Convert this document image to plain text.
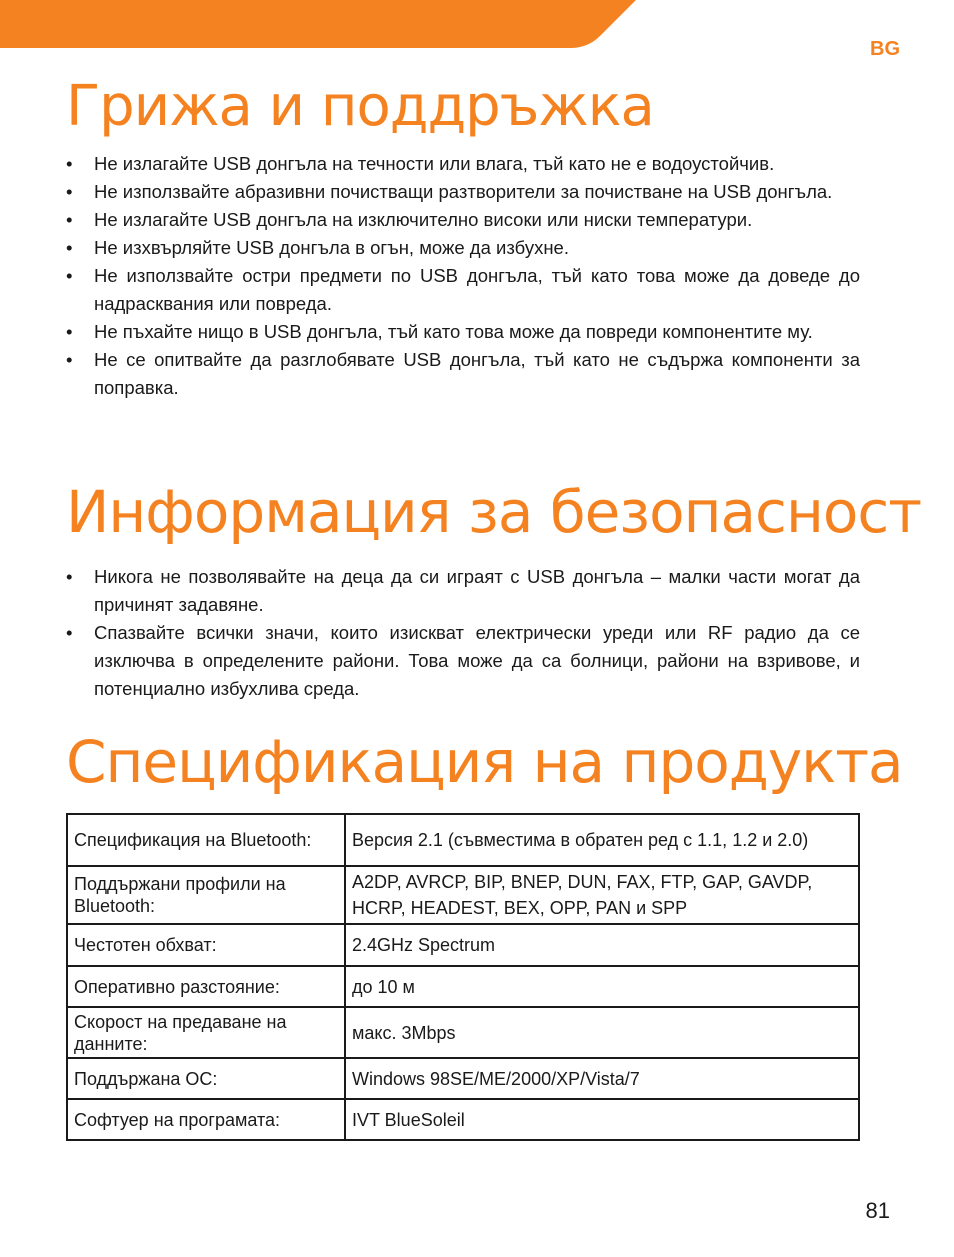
BG
Грижа и поддръжка
• Не излагайте USB донгъла на течности или влага, тъй като не е водоустойчив.
• Не използвайте абразивни почистващи разтворители за почистване на USB донгъла.
• Не излагайте USB донгъла на изключително високи или ниски температури.
• Не изхвърляйте USB донгъла в огън, може да избухне.
• Не използвайте остри предмети по USB донгъла, тъй като това може да доведе до надрасквания или повреда.
• Не пъхайте нищо в USB донгъла, тъй като това може да повреди компонентите му.
• Не се опитвайте да разглобявате USB донгъла, тъй като не съдържа компоненти за поправка.
Информация за безопасност
• Никога не позволявайте на деца да си играят с USB донгъла – малки части могат да причинят задавяне.
• Спазвайте всички значи, които изискват електрически уреди или RF радио да се изключва в определените райони. Това може да са болници, райони на взривове, и потенциално избухлива среда.
Спецификация на продукта
Спецификация на Bluetooth:	Версия 2.1 (съвместима в обратен ред с 1.1, 1.2 и 2.0)
Поддържани профили на Bluetooth:	A2DP, AVRCP, BIP, BNEP, DUN, FAX, FTP, GAP, GAVDP, HCRP, HEADEST, BEX, OPP, PAN и SPP
Честотен обхват:	2.4GHz Spectrum
Оперативно разстояние:	до 10 м
Скорост на предаване на данните:	макс. 3Mbps
Поддържана ОС:	Windows 98SE/ME/2000/XP/Vista/7
Софтуер на програмата:	IVT BlueSoleil
81
